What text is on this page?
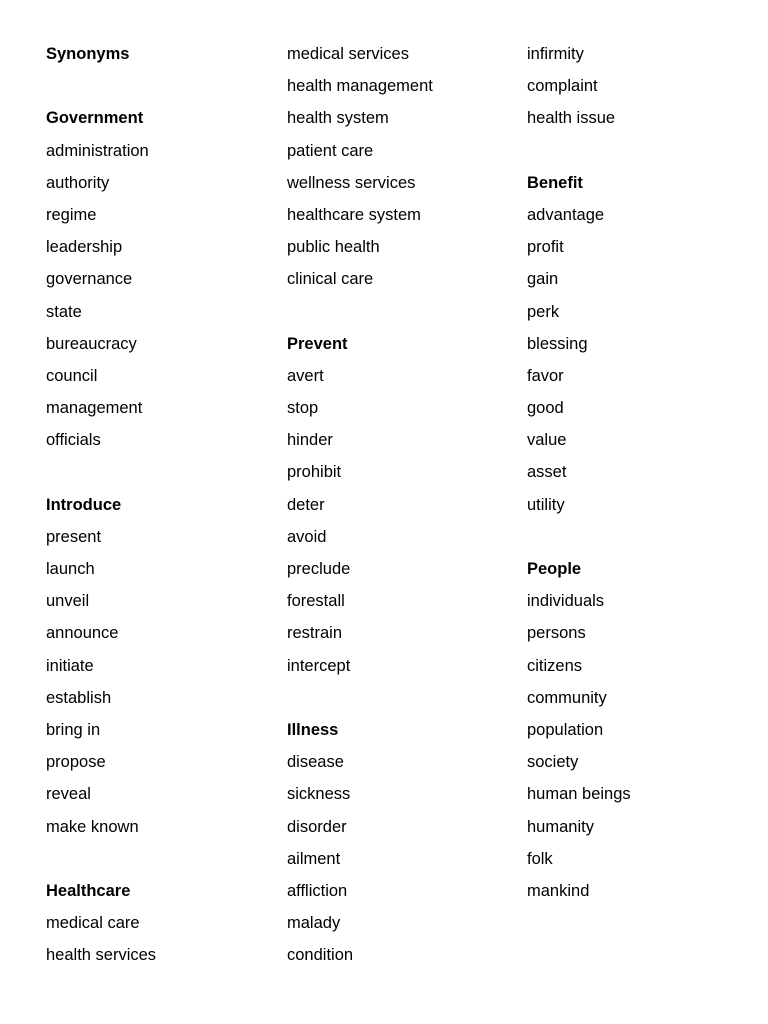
Synonyms
Government
administration
authority
regime
leadership
governance
state
bureaucracy
council
management
officials
Introduce
present
launch
unveil
announce
initiate
establish
bring in
propose
reveal
make known
Healthcare
medical care
health services
medical services
health management
health system
patient care
wellness services
healthcare system
public health
clinical care
Prevent
avert
stop
hinder
prohibit
deter
avoid
preclude
forestall
restrain
intercept
Illness
disease
sickness
disorder
ailment
affliction
malady
condition
infirmity
complaint
health issue
Benefit
advantage
profit
gain
perk
blessing
favor
good
value
asset
utility
People
individuals
persons
citizens
community
population
society
human beings
humanity
folk
mankind
